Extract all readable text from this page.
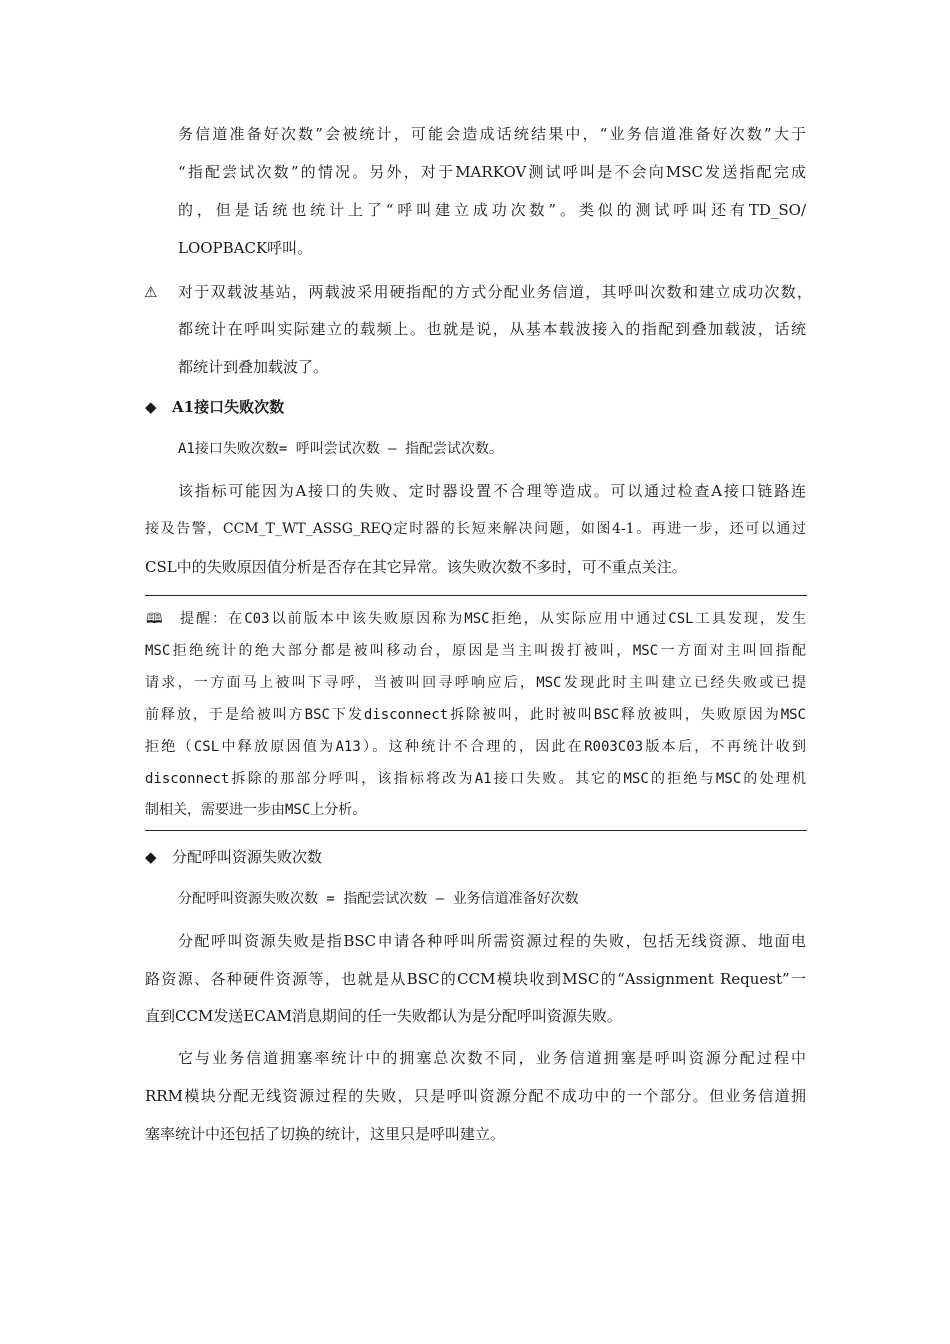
务信道准备好次数”会被统计，可能会造成话统结果中，“业务信道准备好次数”大于
“指配尝试次数”的情况。另外，对于MARKOV测试呼叫是不会向MSC发送指配完成
的，但是话统也统计上了“呼叫建立成功次数”。类似的测试呼叫还有TD_SO/
LOOPBACK呼叫。
⚠ 对于双载波基站，两载波采用硬指配的方式分配业务信道，其呼叫次数和建立成功次数，
都统计在呼叫实际建立的载频上。也就是说，从基本载波接入的指配到叠加载波，话统
都统计到叠加载波了。
◆ A1接口失败次数
A1接口失败次数= 呼叫尝试次数 – 指配尝试次数。
该指标可能因为A接口的失败、定时器设置不合理等造成。可以通过检查A接口链路连
接及告警，CCM_T_WT_ASSG_REQ定时器的长短来解决问题，如图4-1。再进一步，还可以通过
CSL中的失败原因值分析是否存在其它异常。该失败次数不多时，可不重点关注。
🕮 提醒：在C03以前版本中该失败原因称为MSC拒绝，从实际应用中通过CSL工具发现，发生
MSC拒绝统计的绝大部分都是被叫移动台，原因是当主叫拨打被叫，MSC一方面对主叫回指配
请求，一方面马上被叫下寻呼，当被叫回寻呼响应后，MSC发现此时主叫建立已经失败或已提
前释放，于是给被叫方BSC下发disconnect拆除被叫，此时被叫BSC释放被叫，失败原因为MSC
拒绝（CSL中释放原因值为A13）。这种统计不合理的，因此在R003C03版本后，不再统计收到
disconnect拆除的那部分呼叫，该指标将改为A1接口失败。其它的MSC的拒绝与MSC的处理机
制相关，需要进一步由MSC上分析。
◆ 分配呼叫资源失败次数
分配呼叫资源失败次数 = 指配尝试次数 – 业务信道准备好次数
分配呼叫资源失败是指BSC申请各种呼叫所需资源过程的失败，包括无线资源、地面电
路资源、各种硬件资源等，也就是从BSC的CCM模块收到MSC的“Assignment Request”一
直到CCM发送ECAM消息期间的任一失败都认为是分配呼叫资源失败。
它与业务信道拥塞率统计中的拥塞总次数不同，业务信道拥塞是呼叫资源分配过程中
RRM模块分配无线资源过程的失败，只是呼叫资源分配不成功中的一个部分。但业务信道拥
塞率统计中还包括了切换的统计，这里只是呼叫建立。
